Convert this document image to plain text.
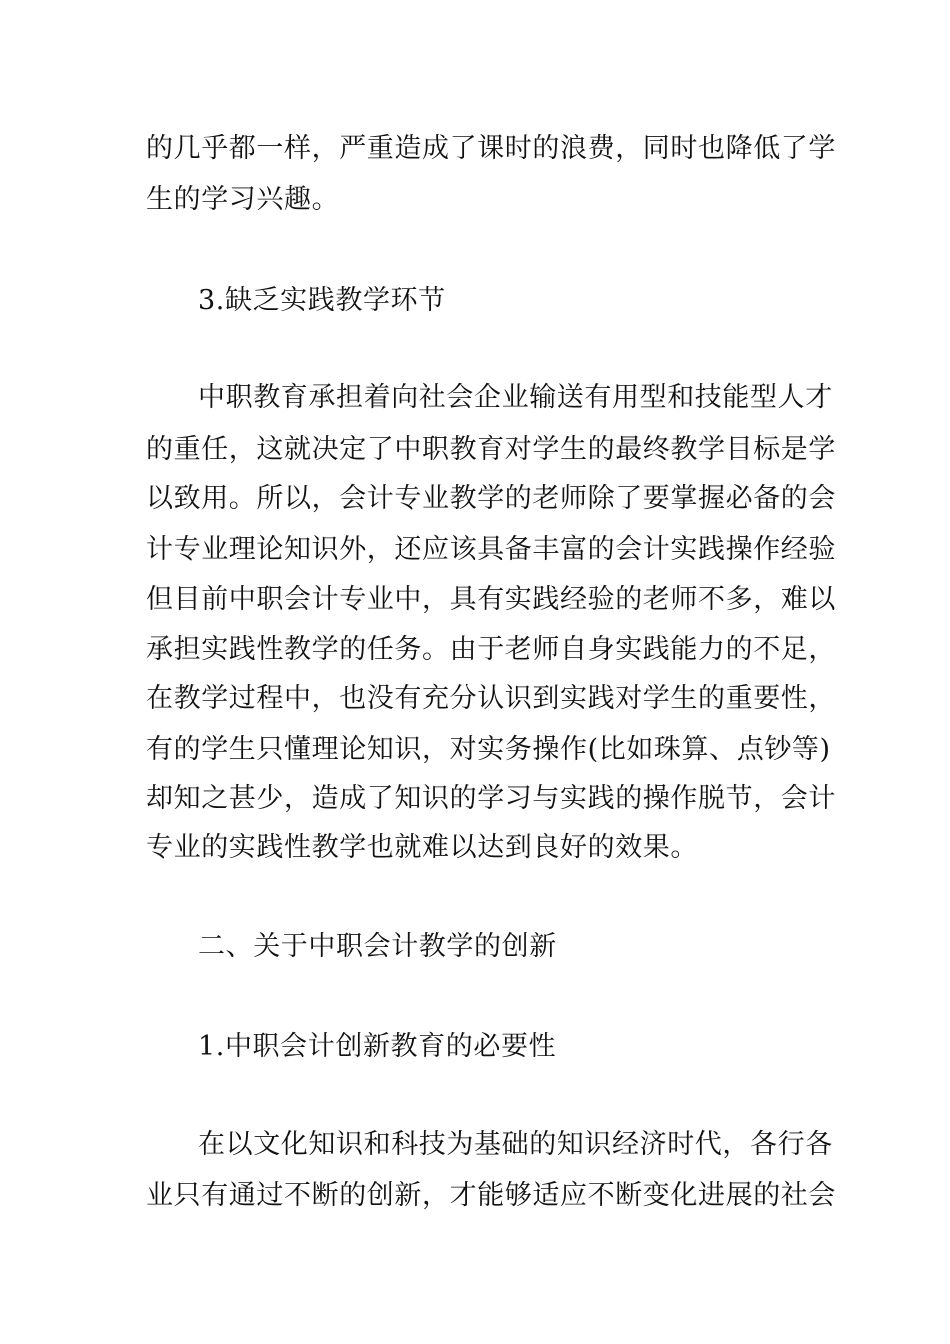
的几乎都一样，严重造成了课时的浪费，同时也降低了学
生的学习兴趣。
3.缺乏实践教学环节
中职教育承担着向社会企业输送有用型和技能型人才
的重任，这就决定了中职教育对学生的最终教学目标是学
以致用。所以，会计专业教学的老师除了要掌握必备的会
计专业理论知识外，还应该具备丰富的会计实践操作经验
但目前中职会计专业中，具有实践经验的老师不多，难以
承担实践性教学的任务。由于老师自身实践能力的不足，
在教学过程中，也没有充分认识到实践对学生的重要性，
有的学生只懂理论知识，对实务操作(比如珠算、点钞等)
却知之甚少，造成了知识的学习与实践的操作脱节，会计
专业的实践性教学也就难以达到良好的效果。
二、关于中职会计教学的创新
1.中职会计创新教育的必要性
在以文化知识和科技为基础的知识经济时代，各行各
业只有通过不断的创新，才能够适应不断变化进展的社会
